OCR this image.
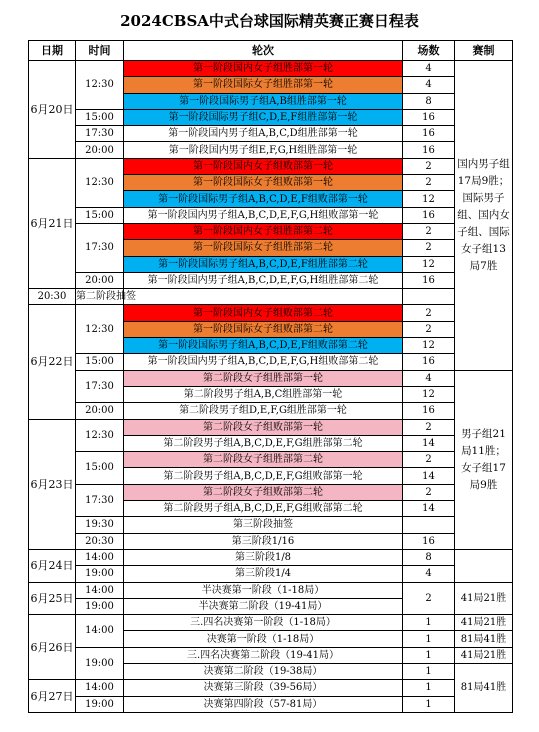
2024CBSA中式台球国际精英赛正赛日程表
日期	时间	轮次	场数	赛制	
6月20日	12:30	第一阶段国内女子组胜部第一轮	4	国内男子组17局9胜；国际男子组、国内女子组、国际女子组13局7胜	
		第一阶段国际女子组胜部第一轮	4		
		第一阶段国际男子组A,B组胜部第一轮	8		
	15:00	第一阶段国际男子组C,D,E,F组胜部第一轮	16		
	17:30	第一阶段国内男子组A,B,C,D组胜部第一轮	16		
	20:00	第一阶段国内男子组E,F,G,H组胜部第一轮	16		
6月21日	12:30	第一阶段国内女子组败部第一轮	2		
		第一阶段国际女子组败部第一轮	2		
		第一阶段国际男子组A,B,C,D,E,F组败部第一轮	12		
	15:00	第一阶段国内男子组A,B,C,D,E,F,G,H组败部第一轮	16		
	17:30	第一阶段国内女子组胜部第二轮	2		
		第一阶段国际女子组胜部第二轮	2		
		第一阶段国际男子组A,B,C,D,E,F组胜部第二轮	12		
	20:00	第一阶段国内男子组A,B,C,D,E,F,G,H组胜部第二轮	16		
20:30	第二阶段抽签				
6月22日	12:30	第一阶段国内女子组败部第二轮	2		
		第一阶段国际女子组败部第二轮	2		
		第一阶段国际男子组A,B,C,D,E,F组败部第二轮	12		
	15:00	第一阶段国内男子组A,B,C,D,E,F,G,H组败部第二轮	16		
	17:30	第二阶段女子组胜部第一轮	4	男子组21局11胜；女子组17局9胜	
		第二阶段男子组A,B,C组胜部第一轮	12		
	20:00	第二阶段男子组D,E,F,G组胜部第一轮	16		
6月23日	12:30	第二阶段女子组败部第一轮	2		
		第二阶段男子组A,B,C,D,E,F,G组胜部第二轮	14		
	15:00	第二阶段女子组胜部第二轮	2		
		第二阶段男子组A,B,C,D,E,F,G组败部第一轮	14		
	17:30	第二阶段女子组败部第二轮	2		
		第二阶段男子组A,B,C,D,E,F,G组败部第二轮	14		
	19:30	第三阶段抽签			
	20:30	第三阶段1/16	16	
6月24日	14:00	第三阶段1/8	8		
	19:00	第三阶段1/4	4		
6月25日	14:00	半决赛第一阶段（1-18局）	2	41局21胜	
	19:00	半决赛第二阶段（19-41局）			
6月26日	14:00	三.四名决赛第一阶段（1-18局）	1	41局21胜	
		决赛第一阶段（1-18局）	1	81局41胜	
	19:00	三.四名决赛第二阶段（19-41局）	1	41局21胜	
		决赛第二阶段（19-38局）	1	81局41胜	
6月27日	14:00	决赛第三阶段（39-56局）	1		
	19:00	决赛第四阶段（57-81局）	1		
